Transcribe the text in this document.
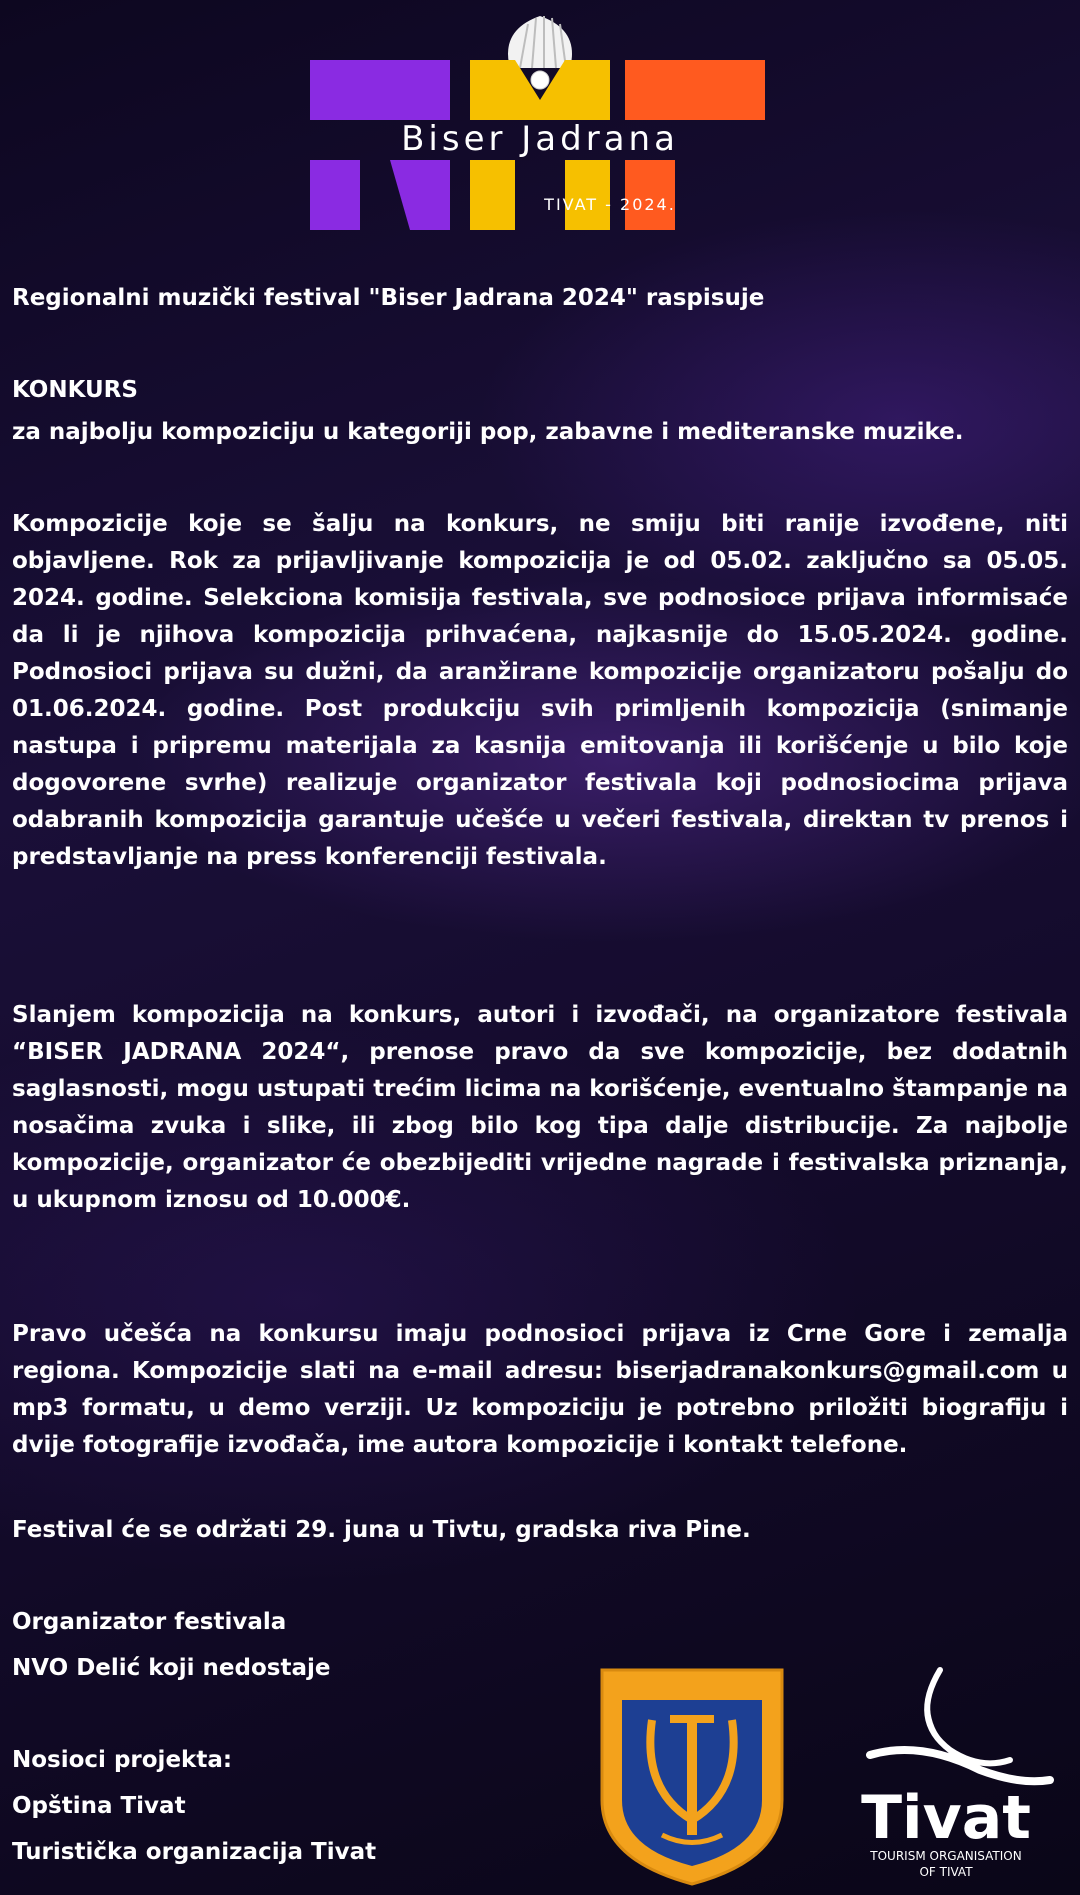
Biser Jadrana
TIVAT - 2024.

Regionalni muzički festival "Biser Jadrana 2024" raspisuje

KONKURS

za najbolju kompoziciju u kategoriji pop, zabavne i mediteranske muzike.

Kompozicije koje se šalju na konkurs, ne smiju biti ranije izvođene, niti objavljene. Rok za prijavljivanje kompozicija je od 05.02. zaključno sa 05.05. 2024. godine. Selekciona komisija festivala, sve podnosioce prijava informisaće da li je njihova kompozicija prihvaćena, najkasnije do 15.05.2024. godine. Podnosioci prijava su dužni, da aranžirane kompozicije organizatoru pošalju do 01.06.2024. godine. Post produkciju svih primljenih kompozicija (snimanje nastupa i pripremu materijala za kasnija emitovanja ili korišćenje u bilo koje dogovorene svrhe) realizuje organizator festivala koji podnosiocima prijava odabranih kompozicija garantuje učešće u večeri festivala, direktan tv prenos i predstavljanje na press konferenciji festivala.

Slanjem kompozicija na konkurs, autori i izvođači, na organizatore festivala “BISER JADRANA 2024“, prenose pravo da sve kompozicije, bez dodatnih saglasnosti, mogu ustupati trećim licima na korišćenje, eventualno štampanje na nosačima zvuka i slike, ili zbog bilo kog tipa dalje distribucije. Za najbolje kompozicije, organizator će obezbijediti vrijedne nagrade i festivalska priznanja, u ukupnom iznosu od 10.000€.

Pravo učešća na konkursu imaju podnosioci prijava iz Crne Gore i zemalja regiona. Kompozicije slati na e-mail adresu: biserjadranakonkurs@gmail.com u mp3 formatu, u demo verziji. Uz kompoziciju je potrebno priložiti biografiju i dvije fotografije izvođača, ime autora kompozicije i kontakt telefone.

Festival će se održati 29. juna u Tivtu, gradska riva Pine.

Organizator festivala

NVO Delić koji nedostaje

Nosioci projekta:

Opština Tivat

Turistička organizacija Tivat	Tivat
TOURISM ORGANISATION
OF TIVAT
